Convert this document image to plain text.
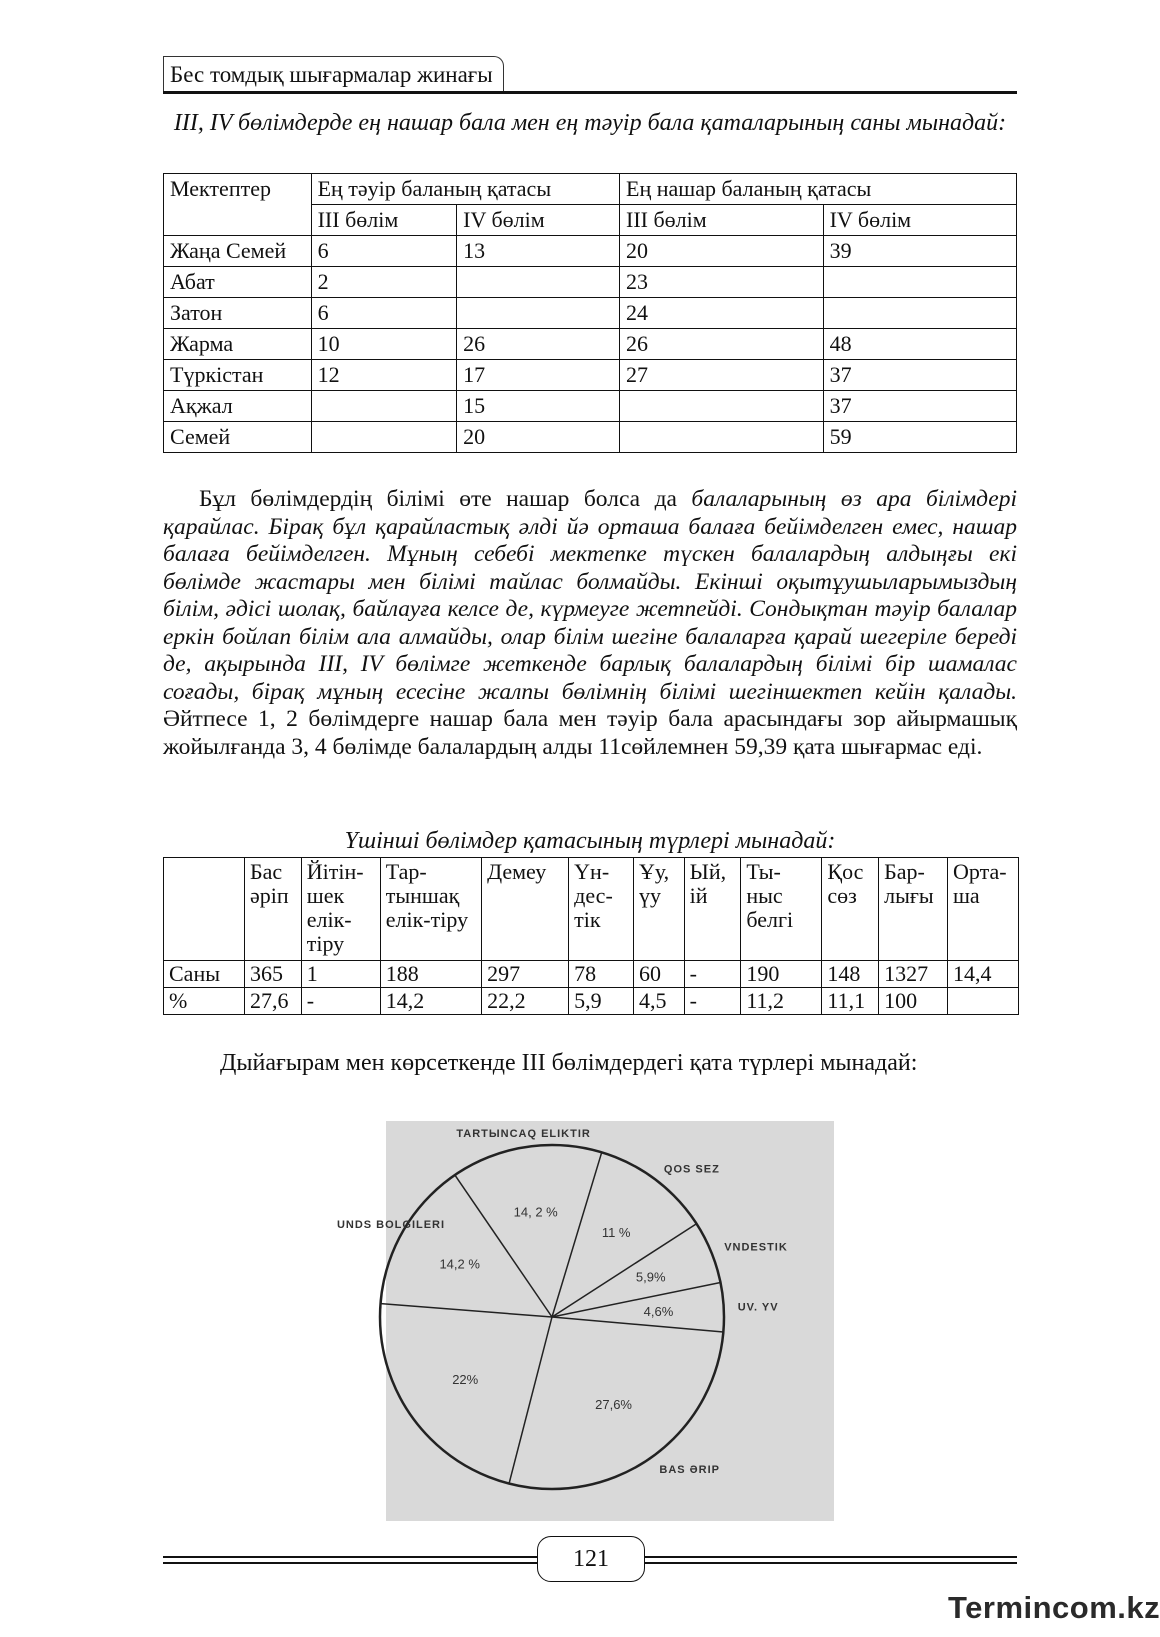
Бес томдық шығармалар жинағы
III, IV бөлімдерде ең нашар бала мен ең тәуір бала қаталарының саны мынадай:
Мектептер	Ең тәуір баланың қатасы		Ең нашар баланың қатасы	
	III бөлім	IV бөлім	III бөлім	IV бөлім
Жаңа Семей	6	13	20	39
Абат	2		23	
Затон	6		24	
Жарма	10	26	26	48
Түркістан	12	17	27	37
Ақжал		15		37
Семей		20		59

Бұл бөлімдердің білімі өте нашар болса да балаларының өз ара білімдері қарайлас. Бірақ бұл қарайластық әлді йә орташа балаға бейімделген емес, нашар балаға бейімделген. Мұның себебі мектепке түскен балалардың алдыңғы екі бөлімде жастары мен білімі тайлас болмайды. Екінші оқытұушыларымыздың білім, әдісі шолақ, байлауға келсе де, күрмеуге жетпейді. Сондықтан тәуір балалар еркін бойлап білім ала алмайды, олар білім шегіне балаларға қарай шегеріле береді де, ақырында III, IV бөлімге жеткенде барлық балалардың білімі бір шамалас соғады, бірақ мұның есесіне жалпы бөлімнің білімі шегіншектеп кейін қалады. Әйтпесе 1, 2 бөлімдерге нашар бала мен тәуір бала арасындағы зор айырмашық жойылғанда 3, 4 бөлімде балалардың алды 11сөйлемнен 59,39 қата шығармас еді.

Үшінші бөлімдер қатасының түрлері мынадай:
	Бас әріп	Йітін-шек елік-тіру	Тар-тыншақ елік-тіру	Демеу	Үн-дес-тік	Ұу, үу	Ый, ій	Ты-ныс белгі	Қос сөз	Бар-лығы	Орта-ша
Саны	365	1	188	297	78	60	-	190	148	1327	14,4
%	27,6	-	14,2	22,2	5,9	4,5	-	11,2	11,1	100	
Дыйағырам мен көрсеткенде III бөлімдердегі қата түрлері мынадай:
27,6%
BAS ƏRIP
22%
14,2 %
UNDS BOLGILERI
14, 2 %
TARTЫNCAQ ELIKTIR
11 %
QOS SEZ
5,9%
VNDESTIK
4,6%	UV. YV
121
Termincom.kz
